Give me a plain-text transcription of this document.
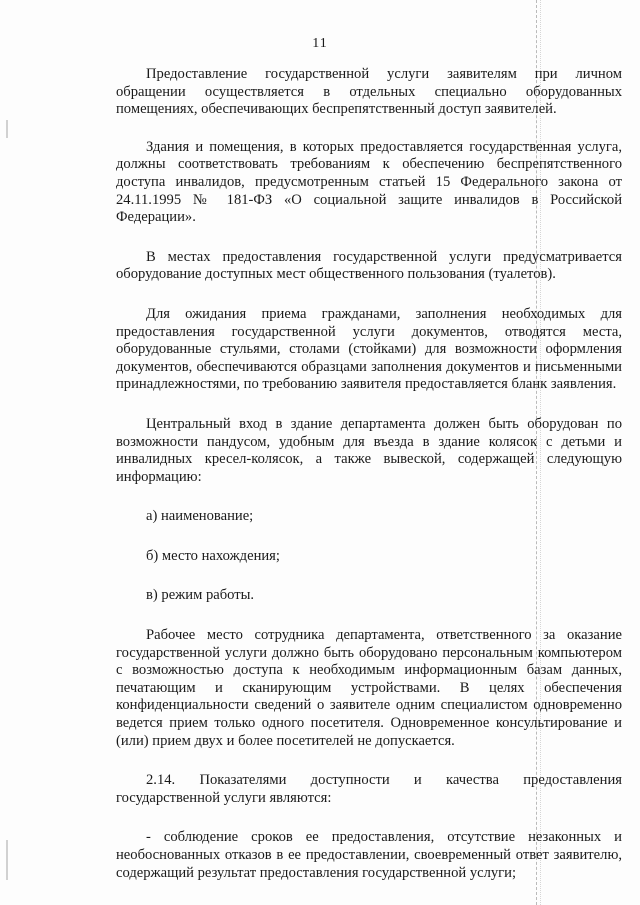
11

Предоставление государственной услуги заявителям при личном обращении осуществляется в отдельных специально оборудованных помещениях, обеспечивающих беспрепятственный доступ заявителей.

Здания и помещения, в которых предоставляется государственная услуга, должны соответствовать требованиям к обеспечению беспрепятственного доступа инвалидов, предусмотренным статьей 15 Федерального закона от 24.11.1995 № 181-ФЗ «О социальной защите инвалидов в Российской Федерации».

В местах предоставления государственной услуги предусматривается оборудование доступных мест общественного пользования (туалетов).

Для ожидания приема гражданами, заполнения необходимых для предоставления государственной услуги документов, отводятся места, оборудованные стульями, столами (стойками) для возможности оформления документов, обеспечиваются образцами заполнения документов и письменными принадлежностями, по требованию заявителя предоставляется бланк заявления.

Центральный вход в здание департамента должен быть оборудован по возможности пандусом, удобным для въезда в здание колясок с детьми и инвалидных кресел-колясок, а также вывеской, содержащей следующую информацию:

а) наименование;

б) место нахождения;

в) режим работы.

Рабочее место сотрудника департамента, ответственного за оказание государственной услуги должно быть оборудовано персональным компьютером с возможностью доступа к необходимым информационным базам данных, печатающим и сканирующим устройствами. В целях обеспечения конфиденциальности сведений о заявителе одним специалистом одновременно ведется прием только одного посетителя. Одновременное консультирование и (или) прием двух и более посетителей не допускается.

2.14. Показателями доступности и качества предоставления государственной услуги являются:

- соблюдение сроков ее предоставления, отсутствие незаконных и необоснованных отказов в ее предоставлении, своевременный ответ заявителю, содержащий результат предоставления государственной услуги;
